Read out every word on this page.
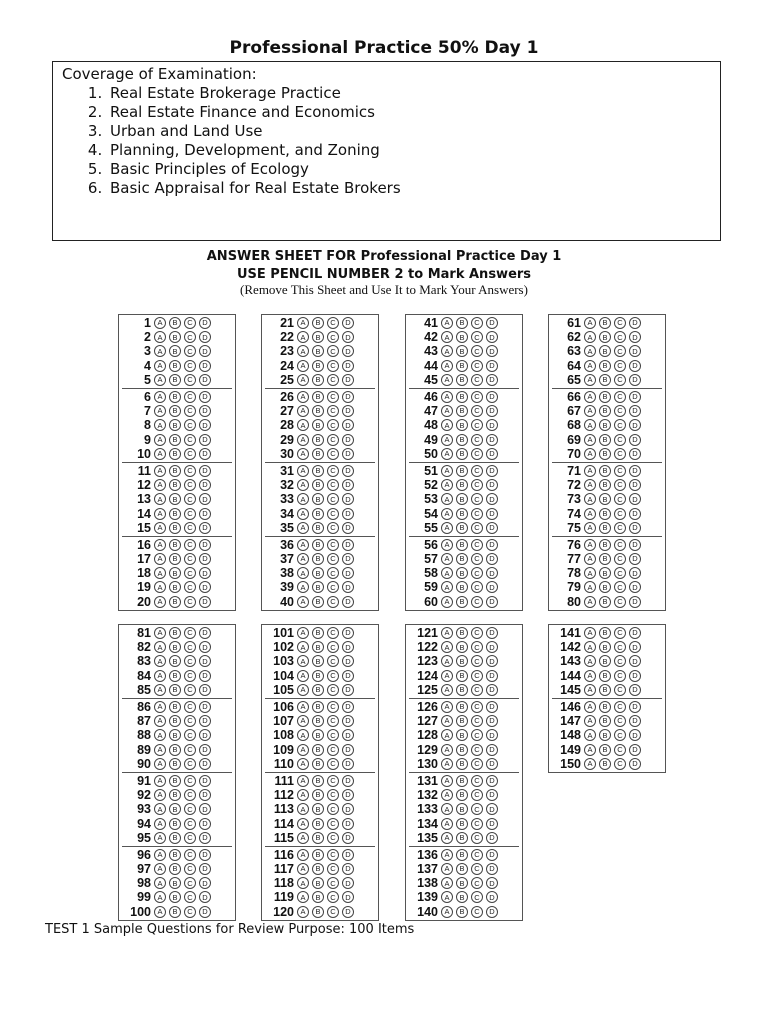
Professional Practice 50% Day 1
Coverage of Examination:
1. Real Estate Brokerage Practice
2. Real Estate Finance and Economics
3. Urban and Land Use
4. Planning, Development, and Zoning
5. Basic Principles of Ecology
6. Basic Appraisal for Real Estate Brokers
ANSWER SHEET FOR Professional Practice Day 1
USE PENCIL NUMBER 2 to Mark Answers
(Remove This Sheet and Use It to Mark Your Answers)
1 A	B	C	D
2 A	B	C	D
3 A	B	C	D
4 A	B	C	D
5 A	B	C	D
6 A	B	C	D
7 A	B	C	D
8 A	B	C	D
9 A	B	C	D
10 A	B	C	D
11 A	B	C	D
12 A	B	C	D
13 A	B	C	D
14 A	B	C	D
15 A	B	C	D
16 A	B	C	D
17 A	B	C	D
18 A	B	C	D
19 A	B	C	D
20 A	B	C	D
21 A	B	C	D
22 A	B	C	D
23 A	B	C	D
24 A	B	C	D
25 A	B	C	D
26 A	B	C	D
27 A	B	C	D
28 A	B	C	D
29 A	B	C	D
30 A	B	C	D
31 A	B	C	D
32 A	B	C	D
33 A	B	C	D
34 A	B	C	D
35 A	B	C	D
36 A	B	C	D
37 A	B	C	D
38 A	B	C	D
39 A	B	C	D
40 A	B	C	D
41 A	B	C	D
42 A	B	C	D
43 A	B	C	D
44 A	B	C	D
45 A	B	C	D
46 A	B	C	D
47 A	B	C	D
48 A	B	C	D
49 A	B	C	D
50 A	B	C	D
51 A	B	C	D
52 A	B	C	D
53 A	B	C	D
54 A	B	C	D
55 A	B	C	D
56 A	B	C	D
57 A	B	C	D
58 A	B	C	D
59 A	B	C	D
60 A	B	C	D
61 A	B	C	D
62 A	B	C	D
63 A	B	C	D
64 A	B	C	D
65 A	B	C	D
66 A	B	C	D
67 A	B	C	D
68 A	B	C	D
69 A	B	C	D
70 A	B	C	D
71 A	B	C	D
72 A	B	C	D
73 A	B	C	D
74 A	B	C	D
75 A	B	C	D
76 A	B	C	D
77 A	B	C	D
78 A	B	C	D
79 A	B	C	D
80 A	B	C	D
81 A	B	C	D
82 A	B	C	D
83 A	B	C	D
84 A	B	C	D
85 A	B	C	D
86 A	B	C	D
87 A	B	C	D
88 A	B	C	D
89 A	B	C	D
90 A	B	C	D
91 A	B	C	D
92 A	B	C	D
93 A	B	C	D
94 A	B	C	D
95 A	B	C	D
96 A	B	C	D
97 A	B	C	D
98 A	B	C	D
99 A	B	C	D
100 A	B	C	D
101 A	B	C	D
102 A	B	C	D
103 A	B	C	D
104 A	B	C	D
105 A	B	C	D
106 A	B	C	D
107 A	B	C	D
108 A	B	C	D
109 A	B	C	D
110 A	B	C	D
111 A	B	C	D
112 A	B	C	D
113 A	B	C	D
114 A	B	C	D
115 A	B	C	D
116 A	B	C	D
117 A	B	C	D
118 A	B	C	D
119 A	B	C	D
120 A	B	C	D
121 A	B	C	D
122 A	B	C	D
123 A	B	C	D
124 A	B	C	D
125 A	B	C	D
126 A	B	C	D
127 A	B	C	D
128 A	B	C	D
129 A	B	C	D
130 A	B	C	D
131 A	B	C	D
132 A	B	C	D
133 A	B	C	D
134 A	B	C	D
135 A	B	C	D
136 A	B	C	D
137 A	B	C	D
138 A	B	C	D
139 A	B	C	D
140 A	B	C	D
141 A	B	C	D
142 A	B	C	D
143 A	B	C	D
144 A	B	C	D
145 A	B	C	D
146 A	B	C	D
147 A	B	C	D
148 A	B	C	D
149 A	B	C	D
150 A	B	C	D
TEST 1 Sample Questions for Review Purpose: 100 Items
